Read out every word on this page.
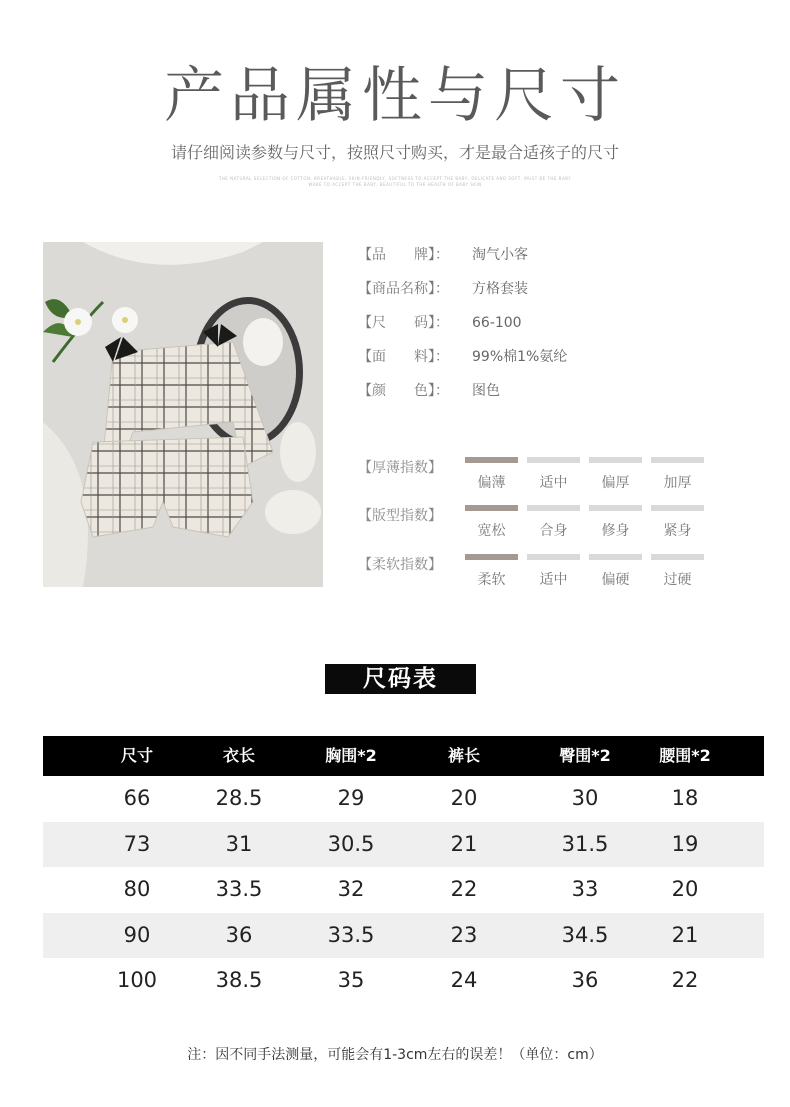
产品属性与尺寸
请仔细阅读参数与尺寸，按照尺寸购买，才是最合适孩子的尺寸
THE NATURAL SELECTION OF COTTON, BREATHABLE, SKIN-FRIENDLY, SOFTNESS TO ACCEPT THE BABY, DELICATE AND SOFT, MUST BE THE BABY
WAKE TO ACCEPT THE BABY, BEAUTIFUL TO THE HEALTH OF BABY SKIN
【品　　牌】： 淘气小客
【商品名称】： 方格套装
【尺　　码】： 66-100
【面　　料】： 99%棉1%氨纶
【颜　　色】： 图色
【厚薄指数】
偏薄	适中	偏厚	加厚
【版型指数】
宽松	合身	修身	紧身
【柔软指数】
柔软	适中	偏硬	过硬
尺码表
尺寸	衣长	胸围*2	裤长	臀围*2	腰围*2
66	28.5	29	20	30	18
73	31	30.5	21	31.5	19
80	33.5	32	22	33	20
90	36	33.5	23	34.5	21
100	38.5	35	24	36	22
注：因不同手法测量，可能会有1-3cm左右的误差！（单位：cm）
